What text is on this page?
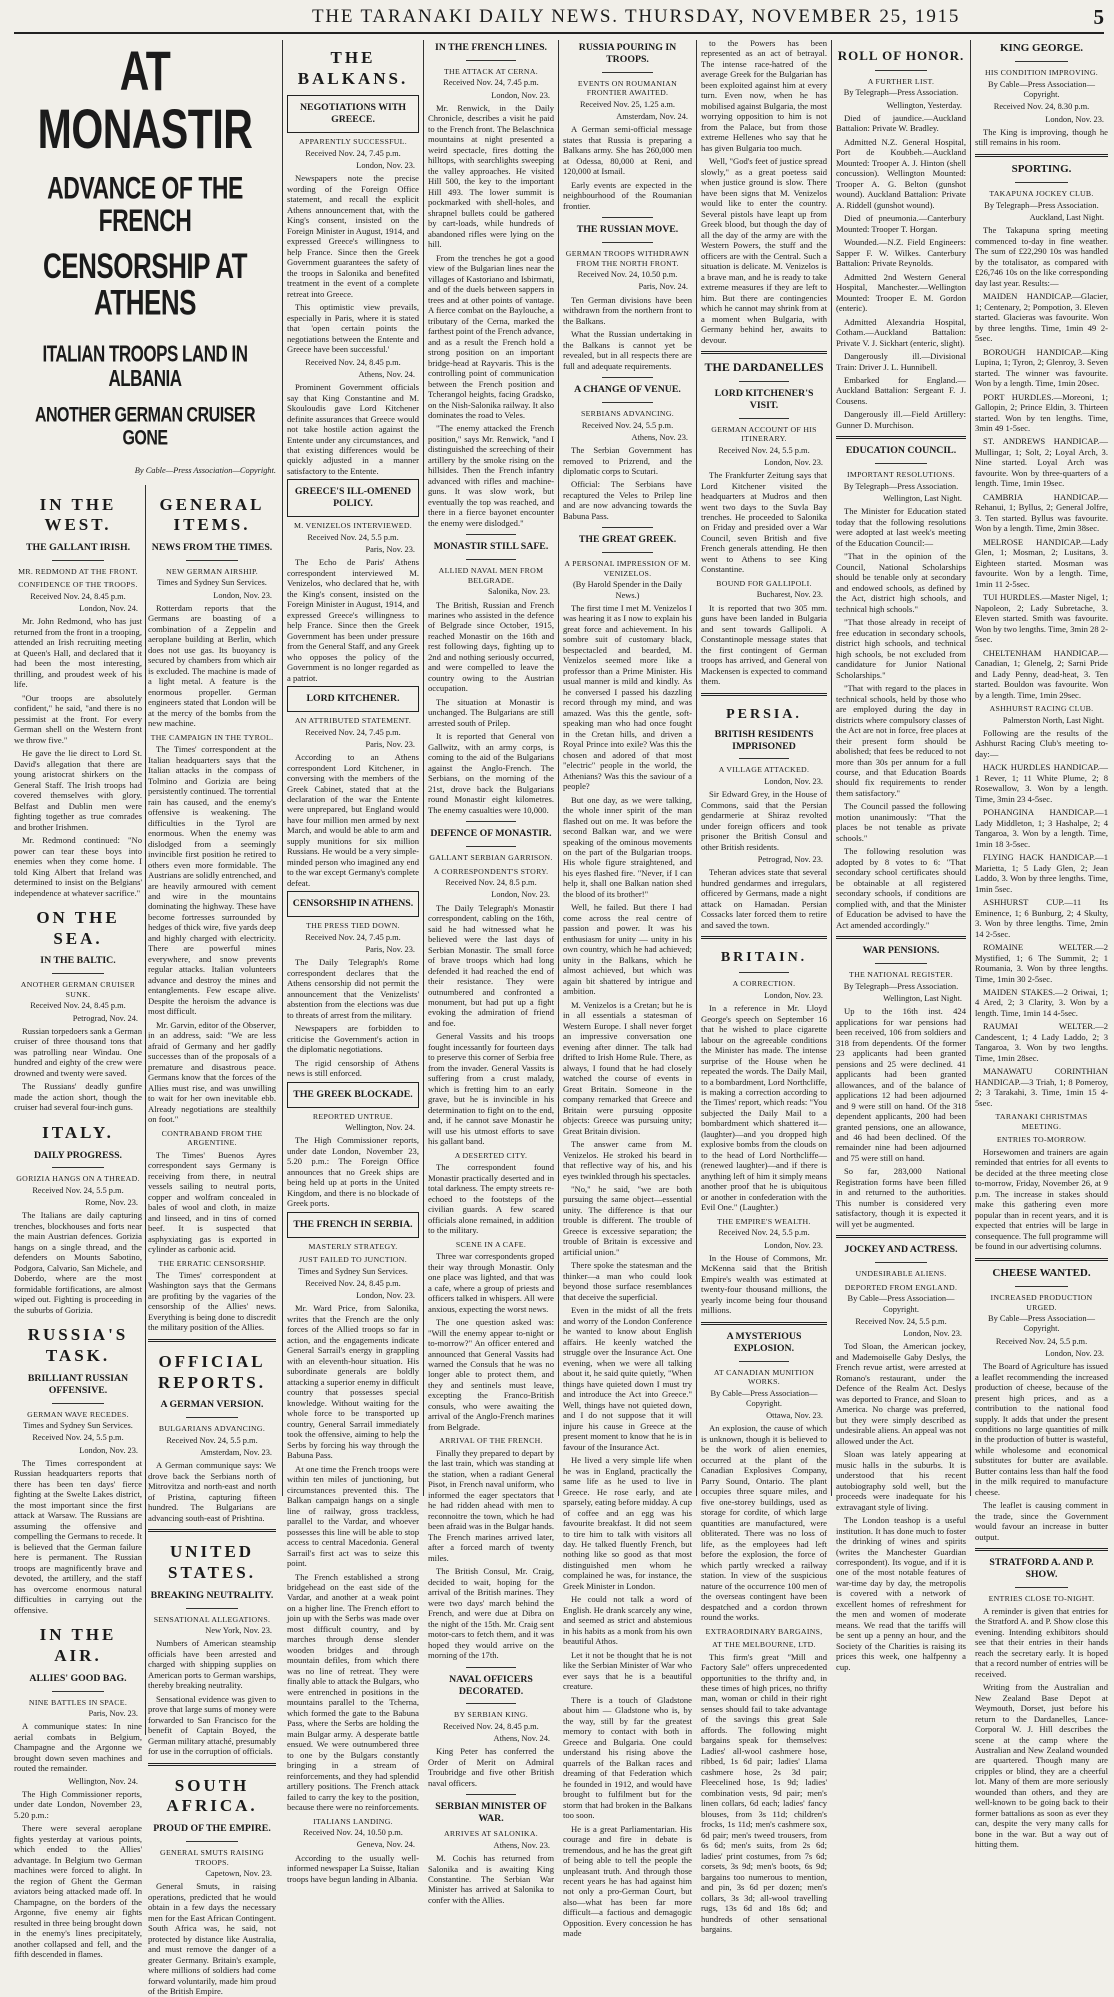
THE TARANAKI DAILY NEWS. THURSDAY, NOVEMBER 25, 1915	5
AT MONASTIR
ADVANCE OF THE FRENCH
CENSORSHIP AT ATHENS
ITALIAN TROOPS LAND IN ALBANIA
ANOTHER GERMAN CRUISER GONE
By Cable—Press Association—Copyright.
IN THE WEST.
THE GALLANT IRISH.
MR. REDMOND AT THE FRONT.
CONFIDENCE OF THE TROOPS.
Received Nov. 24, 8.45 p.m.
London, Nov. 24.

Mr. John Redmond, who has just returned from the front in a trooping, attended an Irish recruiting meeting at Queen's Hall, and declared that it had been the most interesting, thrilling, and proudest week of his life.

"Our troops are absolutely confident," he said, "and there is no pessimist at the front. For every German shell on the Western front we throw five."

He gave the lie direct to Lord St. David's allegation that there are young aristocrat shirkers on the General Staff. The Irish troops had covered themselves with glory. Belfast and Dublin men were fighting together as true comrades and brother Irishmen.

Mr. Redmond continued: "No power can tear these boys into enemies when they come home. I told King Albert that Ireland was determined to insist on the Belgians' independence at whatever sacrifice."

ON THE SEA.
IN THE BALTIC.
ANOTHER GERMAN CRUISER SUNK.
Received Nov. 24, 8.45 p.m.
Petrograd, Nov. 24.

Russian torpedoers sank a German cruiser of three thousand tons that was patrolling near Windau. One hundred and eighty of the crew were drowned and twenty were saved.

The Russians' deadly gunfire made the action short, though the cruiser had several four-inch guns.

ITALY.
DAILY PROGRESS.
GORIZIA HANGS ON A THREAD.
Received Nov. 24, 5.5 p.m.
Rome, Nov. 23.

The Italians are daily capturing trenches, blockhouses and forts near the main Austrian defences. Gorizia hangs on a single thread, and the defenders on Mounts Sabotino, Podgora, Calvario, San Michele, and Doberdo, where are the most formidable fortifications, are almost wiped out. Fighting is proceeding in the suburbs of Gorizia.

RUSSIA'S TASK.
BRILLIANT RUSSIAN OFFENSIVE.
GERMAN WAVE RECEDES.
Times and Sydney Sun Services.
Received Nov. 24, 5.5 p.m.
London, Nov. 23.

The Times correspondent at Russian headquarters reports that there has been ten days' fierce fighting at the Swelte Lakes district, the most important since the first attack at Warsaw. The Russians are assuming the offensive and compelling the Germans to recede. It is believed that the German failure here is permanent. The Russian troops are magnificently brave and devoted, the artillery, and the staff has overcome enormous natural difficulties in carrying out the offensive.

IN THE AIR.
ALLIES' GOOD BAG.
NINE BATTLES IN SPACE.
Paris, Nov. 23.

A communique states: In nine aerial combats in Belgium, Champagne and the Argonne we brought down seven machines and routed the remainder.

Wellington, Nov. 24.

The High Commissioner reports, under date London, November 23, 5.20 p.m.:

There were several aeroplane fights yesterday at various points, which ended to the Allies' advantage. In Belgium two German machines were forced to alight. In the region of Ghent the German aviators being attacked made off. In Champagne, on the borders of the Argonne, five enemy air fights resulted in three being brought down in the enemy's lines precipitately, another collapsed and fell, and the fifth descended in flames.

GENERAL ITEMS.
NEWS FROM THE TIMES.
NEW GERMAN AIRSHIP.
Times and Sydney Sun Services.
London, Nov. 23.

Rotterdam reports that the Germans are boasting of a combination of a Zeppelin and aeroplane building at Berlin, which does not use gas. Its buoyancy is secured by chambers from which air is excluded. The machine is made of a light metal. A feature is the enormous propeller. German engineers stated that London will be at the mercy of the bombs from the new machine.

THE CAMPAIGN IN THE TYROL.

The Times' correspondent at the Italian headquarters says that the Italian attacks in the compass of Tolmino and Gorizia are being persistently continued. The torrential rain has caused, and the enemy's offensive is weakening. The difficulties in the Tyrol are enormous. When the enemy was dislodged from a seemingly invincible first position he retired to others even more formidable. The Austrians are solidly entrenched, and are heavily armoured with cement and wire in the mountains dominating the highway. These have become fortresses surrounded by hedges of thick wire, five yards deep and highly charged with electricity. There are powerful mines everywhere, and snow prevents regular attacks. Italian volunteers advance and destroy the mines and entanglements. Few escape alive. Despite the heroism the advance is most difficult.

Mr. Garvin, editor of the Observer, in an address, said: "We are less afraid of Germany and her gadfly successes than of the proposals of a premature and disastrous peace. Germans know that the forces of the Allies must rise, and was unwilling to wait for her own inevitable ebb. Already negotiations are stealthily on foot."

CONTRABAND FROM THE ARGENTINE.

The Times' Buenos Ayres correspondent says Germany is receiving from there, in neutral vessels sailing to neutral ports, copper and wolfram concealed in bales of wool and cloth, in maize and linseed, and in tins of corned beef. It is suspected that asphyxiating gas is exported in cylinder as carbonic acid.

THE ERRATIC CENSORSHIP.

The Times' correspondent at Washington says that the Germans are profiting by the vagaries of the censorship of the Allies' news. Everything is being done to discredit the military position of the Allies.

OFFICIAL REPORTS.
A GERMAN VERSION.
BULGARIANS ADVANCING.
Received Nov. 24, 5.5 p.m.
Amsterdam, Nov. 23.

A German communique says: We drove back the Serbians north of Mitrovitza and north-east and north of Pristina, capturing fifteen hundred. The Bulgarians are advancing south-east of Prishtina.

UNITED STATES.
BREAKING NEUTRALITY.
SENSATIONAL ALLEGATIONS.
New York, Nov. 23.

Numbers of American steamship officials have been arrested and charged with shipping supplies on American ports to German warships, thereby breaking neutrality.

Sensational evidence was given to prove that large sums of money were forwarded to San Francisco for the benefit of Captain Boyed, the German military attaché, presumably for use in the corruption of officials.

SOUTH AFRICA.
PROUD OF THE EMPIRE.
GENERAL SMUTS RAISING TROOPS.
Capetown, Nov. 23.

General Smuts, in raising operations, predicted that he would obtain in a few days the necessary men for the East African Contingent. South Africa was, he said, not protected by distance like Australia, and must remove the danger of a greater Germany. Britain's example, where millions of soldiers had come forward voluntarily, made him proud of the British Empire.

THE BALKANS.
NEGOTIATIONS WITH GREECE.
APPARENTLY SUCCESSFUL.
Received Nov. 24, 7.45 p.m.
London, Nov. 23.

Newspapers note the precise wording of the Foreign Office statement, and recall the explicit Athens announcement that, with the King's consent, insisted on the Foreign Minister in August, 1914, and expressed Greece's willingness to help France. Since then the Greek Government guarantees the safety of the troops in Salonika and benefited treatment in the event of a complete retreat into Greece.

This optimistic view prevails, especially in Paris, where it is stated that 'open certain points the negotiations between the Entente and Greece have been successful.'

Received Nov. 24, 8.45 p.m.
Athens, Nov. 24.

Prominent Government officials say that King Constantine and M. Skouloudis gave Lord Kitchener definite assurances that Greece would not take hostile action against the Entente under any circumstances, and that existing differences would be quickly adjusted in a manner satisfactory to the Entente.

GREECE'S ILL-OMENED POLICY.
M. VENIZELOS INTERVIEWED.
Received Nov. 24, 5.5 p.m.
Paris, Nov. 23.

The Echo de Paris' Athens correspondent interviewed M. Venizelos, who declared that he, with the King's consent, insisted on the Foreign Minister in August, 1914, and expressed Greece's willingness to help France. Since then the Greek Government has been under pressure from the General Staff, and any Greek who opposes the policy of the Government is no longer regarded as a patriot.

LORD KITCHENER.
AN ATTRIBUTED STATEMENT.
Received Nov. 24, 7.45 p.m.
Paris, Nov. 23.

According to an Athens correspondent Lord Kitchener, in conversing with the members of the Greek Cabinet, stated that at the declaration of the war the Entente were unprepared, but England would have four million men armed by next March, and would be able to arm and supply munitions for six million Russians. He would be a very simple-minded person who imagined any end to the war except Germany's complete defeat.

CENSORSHIP IN ATHENS.
THE PRESS TIED DOWN.
Received Nov. 24, 7.45 p.m.
Paris, Nov. 23.

The Daily Telegraph's Rome correspondent declares that the Athens censorship did not permit the announcement that the Venizelists' abstention from the elections was due to threats of arrest from the military.

Newspapers are forbidden to criticise the Government's action in the diplomatic negotiations.

The rigid censorship of Athens news is still enforced.

THE GREEK BLOCKADE.
REPORTED UNTRUE.
Wellington, Nov. 24.

The High Commissioner reports, under date London, November 23, 5.20 p.m.: The Foreign Office announces that no Greek ships are being held up at ports in the United Kingdom, and there is no blockade of Greek ports.

THE FRENCH IN SERBIA.
MASTERLY STRATEGY.
JUST FAILED TO JUNCTION.
Times and Sydney Sun Services.
Received Nov. 24, 8.45 p.m.
London, Nov. 23.

Mr. Ward Price, from Salonika, writes that the French are the only forces of the Allied troops so far in action, and the engagements indicate General Sarrail's energy in grappling with an eleventh-hour situation. His subordinate generals are boldly attacking a superior enemy in difficult country that possesses special knowledge. Without waiting for the whole force to be transported up country, General Sarrail immediately took the offensive, aiming to help the Serbs by forcing his way through the Babuna Pass.

At one time the French troops were within ten miles of junctioning, but circumstances prevented this. The Balkan campaign hangs on a single line of railway, gross trackless, parallel to the Vardar, and whoever possesses this line will be able to stop access to central Macedonia. General Sarrail's first act was to seize this point.

The French established a strong bridgehead on the east side of the Vardar, and another at a weak point on a higher line. The French effort to join up with the Serbs was made over most difficult country, and by marches through dense slender wooden bridges and through mountain defiles, from which there was no line of retreat. They were finally able to attack the Bulgars, who were entrenched in positions in the mountains parallel to the Tcherna, which formed the gate to the Babuna Pass, where the Serbs are holding the main Bulgar army. A desperate battle ensued. We were outnumbered three to one by the Bulgars constantly bringing in a stream of reinforcements, and they had splendid artillery positions. The French attack failed to carry the key to the position, because there were no reinforcements.

ITALIANS LANDING.
Received Nov. 24, 10.50 p.m.
Geneva, Nov. 24.

According to the usually well-informed newspaper La Suisse, Italian troops have begun landing in Albania.

IN THE FRENCH LINES.
THE ATTACK AT CERNA.
Received Nov. 24, 7.45 p.m.
London, Nov. 23.

Mr. Renwick, in the Daily Chronicle, describes a visit he paid to the French front. The Belaschnica mountains at night presented a weird spectacle, fires dotting the hilltops, with searchlights sweeping the valley approaches. He visited Hill 500, the key to the important Hill 493. The lower summit is pockmarked with shell-holes, and shrapnel bullets could be gathered by cart-loads, while hundreds of abandoned rifles were lying on the hill.

From the trenches he got a good view of the Bulgarian lines near the villages of Kastoriano and Isbirmati, and of the duels between sappers in trees and at other points of vantage. A fierce combat on the Baylouche, a tributary of the Cerna, marked the farthest point of the French advance, and as a result the French hold a strong position on an important bridge-head at Rayvaris. This is the controlling point of communication between the French position and Tcherangol heights, facing Gradsko, on the Nish-Salonika railway. It also dominates the road to Veles.

"The enemy attacked the French position," says Mr. Renwick, "and I distinguished the screeching of their artillery by the smoke rising on the hillsides. Then the French infantry advanced with rifles and machine-guns. It was slow work, but eventually the top was reached, and there in a fierce bayonet encounter the enemy were dislodged."

MONASTIR STILL SAFE.
ALLIED NAVAL MEN FROM BELGRADE.
Salonika, Nov. 23.

The British, Russian and French marines who assisted in the defence of Belgrade since October, 1915, reached Monastir on the 16th and rest following days, fighting up to 2nd and nothing seriously occurred, and were compelled to leave the country owing to the Austrian occupation.

The situation at Monastir is unchanged. The Bulgarians are still arrested south of Prilep.

It is reported that General von Gallwitz, with an army corps, is coming to the aid of the Bulgarians against the Anglo-French. The Serbians, on the morning of the 21st, drove back the Bulgarians round Monastir eight kilometres. The enemy casualties were 10,000.

DEFENCE OF MONASTIR.
GALLANT SERBIAN GARRISON.
A CORRESPONDENT'S STORY.
Received Nov. 24, 8.5 p.m.
London, Nov. 23.

The Daily Telegraph's Monastir correspondent, cabling on the 16th, said he had witnessed what he believed were the last days of Serbian Monastir. The small force of brave troops which had long defended it had reached the end of their resistance. They were outnumbered and confronted a monument, but had put up a fight evoking the admiration of friend and foe.

General Vassits and his troops fought incessantly for fourteen days to preserve this corner of Serbia free from the invader. General Vassits is suffering from a crust malady, which is fretting him to an early grave, but he is invincible in his determination to fight on to the end, and, if he cannot save Monastir he will use his utmost efforts to save his gallant band.

A DESERTED CITY.

The correspondent found Monastir practically deserted and in total darkness. The empty streets re-echoed to the footsteps of the civilian guards. A few scared officials alone remained, in addition to the military.

SCENE IN A CAFE.

Three war correspondents groped their way through Monastir. Only one place was lighted, and that was a cafe, where a group of priests and officers talked in whispers. All were anxious, expecting the worst news.

The one question asked was: "Will the enemy appear to-night or to-morrow?" An officer entered and announced that General Vassits had warned the Consuls that he was no longer able to protect them, and they and sentinels must leave, excepting the Franco-British consuls, who were awaiting the arrival of the Anglo-French marines from Belgrade.

ARRIVAL OF THE FRENCH.

Finally they prepared to depart by the last train, which was standing at the station, when a radiant General Pisot, in French naval uniform, who informed the eager spectators that he had ridden ahead with men to reconnoitre the town, which he had been afraid was in the Bulgar hands. The French marines arrived later, after a forced march of twenty miles.

The British Consul, Mr. Craig, decided to wait, hoping for the arrival of the British marines. They were two days' march behind the French, and were due at Dibra on the night of the 15th. Mr. Craig sent motor-cars to fetch them, and it was hoped they would arrive on the morning of the 17th.

NAVAL OFFICERS DECORATED.
BY SERBIAN KING.
Received Nov. 24, 8.45 p.m.
Athens, Nov. 24.

King Peter has conferred the Order of Merit on Admiral Troubridge and five other British naval officers.

SERBIAN MINISTER OF WAR.
ARRIVES AT SALONIKA.
Athens, Nov. 23.

M. Cochis has returned from Salonika and is awaiting King Constantine. The Serbian War Minister has arrived at Salonika to confer with the Allies.

RUSSIA POURING IN TROOPS.
EVENTS ON ROUMANIAN FRONTIER AWAITED.
Received Nov. 25, 1.25 a.m.
Amsterdam, Nov. 24.

A German semi-official message states that Russia is preparing a Balkans army. She has 260,000 men at Odessa, 80,000 at Reni, and 120,000 at Ismail.

Early events are expected in the neighbourhood of the Roumanian frontier.

THE RUSSIAN MOVE.
GERMAN TROOPS WITHDRAWN FROM THE NORTH FRONT.
Received Nov. 24, 10.50 p.m.
Paris, Nov. 24.

Ten German divisions have been withdrawn from the northern front to the Balkans.

What the Russian undertaking in the Balkans is cannot yet be revealed, but in all respects there are full and adequate requirements.

A CHANGE OF VENUE.
SERBIANS ADVANCING.
Received Nov. 24, 5.5 p.m.
Athens, Nov. 23.

The Serbian Government has removed to Prizrend, and the diplomatic corps to Scutari.

Official: The Serbians have recaptured the Veles to Prilep line and are now advancing towards the Babuna Pass.

THE GREAT GREEK.
A PERSONAL IMPRESSION OF M. VENIZELOS.
(By Harold Spender in the Daily News.)

The first time I met M. Venizelos I was hearing it as I now to explain his great force and achievement. In his sombre suit of customary black, bespectacled and bearded, M. Venizelos seemed more like a professor than a Prime Minister. His usual manner is mild and kindly. As he conversed I passed his dazzling record through my mind, and was amazed. Was this the gentle, soft-speaking man who had once fought in the Cretan hills, and driven a Royal Prince into exile? Was this the chosen and adored of that most "electric" people in the world, the Athenians? Was this the saviour of a people?

But one day, as we were talking, the whole inner spirit of the man flashed out on me. It was before the second Balkan war, and we were speaking of the ominous movements on the part of the Bulgarian troops. His whole figure straightened, and his eyes flashed fire. "Never, if I can help it, shall one Balkan nation shed the blood of its brother!"

Well, he failed. But there I had come across the real centre of passion and power. It was his enthusiasm for unity — unity in his own country, which he had achieved; unity in the Balkans, which he almost achieved, but which was again bit shattered by intrigue and ambition.

M. Venizelos is a Cretan; but he is in all essentials a statesman of Western Europe. I shall never forget an impressive conversation one evening after dinner. The talk had drifted to Irish Home Rule. There, as always, I found that he had closely watched the course of events in Great Britain. Someone in the company remarked that Greece and Britain were pursuing opposite objects: Greece was pursuing unity; Great Britain division.

The answer came from M. Venizelos. He stroked his beard in that reflective way of his, and his eyes twinkled through his spectacles.

"No," he said, "we are both pursuing the same object—essential unity. The difference is that our trouble is different. The trouble of Greece is excessive separation; the trouble of Britain is excessive and artificial union."

There spoke the statesman and the thinker—a man who could look beyond those surface resemblances that deceive the superficial.

Even in the midst of all the frets and worry of the London Conference he wanted to know about English affairs. He keenly watched the struggle over the Insurance Act. One evening, when we were all talking about it, he said quite quietly, "When things have quieted down I must try and introduce the Act into Greece." Well, things have not quieted down, and I do not suppose that it will injure his cause in Greece at the present moment to know that he is in favour of the Insurance Act.

He lived a very simple life when he was in England, practically the same life as he used to live in Greece. He rose early, and ate sparsely, eating before midday. A cup of coffee and an egg was his favourite breakfast. It did not seem to tire him to talk with visitors all day. He talked fluently French, but nothing like so good as that most distinguished men whom he complained he was, for instance, the Greek Minister in London.

He could not talk a word of English. He drank scarcely any wine, and seemed as strict and abstemious in his habits as a monk from his own beautiful Athos.

Let it not be thought that he is not like the Serbian Minister of War who ever says that he is a beautiful creature.

There is a touch of Gladstone about him — Gladstone who is, by the way, still by far the greatest memory to contact with both in Greece and Bulgaria. One could understand his rising above the quarrels of the Balkan races and dreaming of that Federation which he founded in 1912, and would have brought to fulfilment but for the storm that had broken in the Balkans too soon.

He is a great Parliamentarian. His courage and fire in debate is tremendous, and he has the great gift of being able to tell the people the unpleasant truth. And through those recent years he has had against him not only a pro-German Court, but also—what has been far more difficult—a factious and demagogic Opposition. Every concession he has made

to the Powers has been represented as an act of betrayal. The intense race-hatred of the average Greek for the Bulgarian has been exploited against him at every turn. Even now, when he has mobilised against Bulgaria, the most worrying opposition to him is not from the Palace, but from those extreme Hellenes who say that he has given Bulgaria too much.

Well, "God's feet of justice spread slowly," as a great poetess said when justice ground is slow. There have been signs that M. Venizelos would like to enter the country. Several pistols have leapt up from Greek blood, but though the day of all the day of the army are with the Western Powers, the stuff and the officers are with the Central. Such a situation is delicate. M. Venizelos is a brave man, and he is ready to take extreme measures if they are left to him. But there are contingencies which he cannot may shrink from at a moment when Bulgaria, with Germany behind her, awaits to devour.

THE DARDANELLES
LORD KITCHENER'S VISIT.
GERMAN ACCOUNT OF HIS ITINERARY.
Received Nov. 24, 5.5 p.m.
London, Nov. 23.

The Frankfurter Zeitung says that Lord Kitchener visited the headquarters at Mudros and then went two days to the Suvla Bay trenches. He proceeded to Salonika on Friday and presided over a War Council, seven British and five French generals attending. He then went to Athens to see King Constantine.

BOUND FOR GALLIPOLI.
Bucharest, Nov. 23.

It is reported that two 305 mm. guns have been landed in Bulgaria and sent towards Gallipoli. A Constantinople message states that the first contingent of German troops has arrived, and General von Mackensen is expected to command them.

PERSIA.
BRITISH RESIDENTS IMPRISONED
A VILLAGE ATTACKED.
London, Nov. 23.

Sir Edward Grey, in the House of Commons, said that the Persian gendarmerie at Shiraz revolted under foreign officers and took prisoner the British Consul and other British residents.

Petrograd, Nov. 23.

Teheran advices state that several hundred gendarmes and irregulars, officered by Germans, made a night attack on Hamadan. Persian Cossacks later forced them to retire and saved the town.

BRITAIN.
A CORRECTION.
London, Nov. 23.

In a reference in Mr. Lloyd George's speech on September 16 that he wished to place cigarette labour on the agreeable conditions the Minister has made. The intense surprise of the House when he repeated the words. The Daily Mail, to a bombardment, Lord Northcliffe, is making a correction according to the Times' report, which reads: "You subjected the Daily Mail to a bombardment which shattered it—(laughter)—and you dropped high explosive bombs from the clouds on to the head of Lord Northcliffe—(renewed laughter)—and if there is anything left of him it simply means another proof that he is ubiquitous or another in confederation with the Evil One." (Laughter.)

THE EMPIRE'S WEALTH.
Received Nov. 24, 5.5 p.m.
London, Nov. 23.

In the House of Commons, Mr. McKenna said that the British Empire's wealth was estimated at twenty-four thousand millions, the yearly income being four thousand millions.

A MYSTERIOUS EXPLOSION.
AT CANADIAN MUNITION WORKS.
By Cable—Press Association—Copyright.
Ottawa, Nov. 23.

An explosion, the cause of which is unknown, though it is believed to be the work of alien enemies, occurred at the plant of the Canadian Explosives Company, Parry Sound, Ontario. The plant occupies three square miles, and five one-storey buildings, used as storage for cordite, of which large quantities are manufactured, were obliterated. There was no loss of life, as the employees had left before the explosion, the force of which partly wrecked a railway station. In view of the suspicious nature of the occurrence 100 men of the overseas contingent have been despatched and a cordon thrown round the works.

EXTRAORDINARY BARGAINS,
AT THE MELBOURNE, LTD.

This firm's great "Mill and Factory Sale" offers unprecedented opportunities to the thrifty and, in these times of high prices, no thrifty man, woman or child in their right senses should fail to take advantage of the savings this great Sale affords. The following might bargains speak for themselves: Ladies' all-wool cashmere hose, ribbed, 1s 6d pair; ladies' Llama cashmere hose, 2s 3d pair; Fleecelined hose, 1s 9d; ladies' combination vests, 9d pair; men's linen collars, 6d each; ladies' fancy blouses, from 3s 11d; children's frocks, 1s 11d; men's cashmere sox, 6d pair; men's tweed trousers, from 6s 6d; men's suits, from 2s 6d; ladies' print costumes, from 7s 6d; corsets, 3s 9d; men's boots, 6s 9d; bargains too numerous to mention, and pin, 3s 6d per dozen; men's collars, 3s 3d; all-wool travelling rugs, 13s 6d and 18s 6d; and hundreds of other sensational bargains.

ROLL OF HONOR.
A FURTHER LIST.
By Telegraph—Press Association.
Wellington, Yesterday.

Died of jaundice.—Auckland Battalion: Private W. Bradley.

Admitted N.Z. General Hospital, Port de Koubbeh.—Auckland Mounted: Trooper A. J. Hinton (shell concussion). Wellington Mounted: Trooper A. G. Belton (gunshot wound). Auckland Battalion: Private A. Riddell (gunshot wound).

Died of pneumonia.—Canterbury Mounted: Trooper T. Horgan.

Wounded.—N.Z. Field Engineers: Sapper F. W. Wilkes. Canterbury Battalion: Private Reynolds.

Admitted 2nd Western General Hospital, Manchester.—Wellington Mounted: Trooper E. M. Gordon (enteric).

Admitted Alexandria Hospital, Cotham.—Auckland Battalion: Private V. J. Sickhart (enteric, slight).

Dangerously ill.—Divisional Train: Driver J. L. Hunnibell.

Embarked for England.—Auckland Battalion: Sergeant F. J. Cousens.

Dangerously ill.—Field Artillery: Gunner D. Murchison.

EDUCATION COUNCIL.
IMPORTANT RESOLUTIONS.
By Telegraph—Press Association.
Wellington, Last Night.

The Minister for Education stated today that the following resolutions were adopted at last week's meeting of the Education Council:—

"That in the opinion of the Council, National Scholarships should be tenable only at secondary and endowed schools, as defined by the Act, district high schools, and technical high schools."

"That those already in receipt of free education in secondary schools, district high schools, and technical high schools, be not excluded from candidature for Junior National Scholarships."

"That with regard to the places in technical schools, held by those who are employed during the day in districts where compulsory classes of the Act are not in force, free places at their present form should be abolished; that fees be reduced to not more than 30s per annum for a full course, and that Education Boards should fix requirements to render them satisfactory."

The Council passed the following motion unanimously: "That the places be not tenable as private schools."

The following resolution was adopted by 8 votes to 6: "That secondary school certificates should be obtainable at all registered secondary schools, if conditions are complied with, and that the Minister of Education be advised to have the Act amended accordingly."

WAR PENSIONS.
THE NATIONAL REGISTER.
By Telegraph—Press Association.
Wellington, Last Night.

Up to the 16th inst. 424 applications for war pensions had been received, 106 from soldiers and 318 from dependents. Of the former 23 applicants had been granted pensions and 25 were declined. 41 applicants had been granted allowances, and of the balance of applications 12 had been adjourned and 9 were still on hand. Of the 318 dependent applicants, 200 had been granted pensions, one an allowance, and 46 had been declined. Of the remainder nine had been adjourned and 75 were still on hand.

So far, 283,000 National Registration forms have been filled in and returned to the authorities. This number is considered very satisfactory, though it is expected it will yet be augmented.

JOCKEY AND ACTRESS.
UNDESIRABLE ALIENS.
DEPORTED FROM ENGLAND.
By Cable—Press Association—Copyright.
Received Nov. 24, 5.5 p.m.
London, Nov. 23.

Tod Sloan, the American jockey, and Mademoiselle Gaby Deslys, the French revue artist, were arrested at Romano's restaurant, under the Defence of the Realm Act. Deslys was deported to France, and Sloan to America. No charge was preferred, but they were simply described as undesirable aliens. An appeal was not allowed under the Act.

Sloan was lately appearing at music halls in the suburbs. It is understood that his recent autobiography sold well, but the proceeds were inadequate for his extravagant style of living.

The London teashop is a useful institution. It has done much to foster the drinking of wines and spirits (writes the Manchester Guardian correspondent). Its vogue, and if it is one of the most notable features of war-time day by day, the metropolis is covered with a network of excellent homes of refreshment for the men and women of moderate means. We read that the tariffs will be sent up a penny an hour, and the Society of the Charities is raising its prices this week, one halfpenny a cup.

KING GEORGE.
HIS CONDITION IMPROVING.
By Cable—Press Association—Copyright.
Received Nov. 24, 8.30 p.m.
London, Nov. 23.

The King is improving, though he still remains in his room.

SPORTING.
TAKAPUNA JOCKEY CLUB.
By Telegraph—Press Association.
Auckland, Last Night.

The Takapuna spring meeting commenced to-day in fine weather. The sum of £22,290 10s was handled by the totalisator, as compared with £26,746 10s on the like corresponding day last year. Results:—

MAIDEN HANDICAP.—Glacier, 1; Centenary, 2; Pompotion, 3. Eleven started. Glacieras was favourite. Won by three lengths. Time, 1min 49 2-5sec.

BOROUGH HANDICAP.—King Lupina, 1; Tyron, 2; Glenroy, 3. Seven started. The winner was favourite. Won by a length. Time, 1min 20sec.

PORT HURDLES.—Moreoni, 1; Gallopin, 2; Prince Eldin, 3. Thirteen started. Won by ten lengths. Time, 3min 49 1-5sec.

ST. ANDREWS HANDICAP.—Mullingar, 1; Solt, 2; Loyal Arch, 3. Nine started. Loyal Arch was favourite. Won by three-quarters of a length. Time, 1min 19sec.

CAMBRIA HANDICAP.—Rehanui, 1; Byllus, 2; General Jolfre, 3. Ten started. Byllus was favourite. Won by a length. Time, 2min 38sec.

MELROSE HANDICAP.—Lady Glen, 1; Mosman, 2; Lusitans, 3. Eighteen started. Mosman was favourite. Won by a length. Time, 1min 11 2-5sec.

TUI HURDLES.—Master Nigel, 1; Napoleon, 2; Lady Subretache, 3. Eleven started. Smith was favourite. Won by two lengths. Time, 3min 28 2-5sec.

CHELTENHAM HANDICAP.—Canadian, 1; Glenelg, 2; Sarni Pride and Lady Penny, dead-heat, 3. Ten started. Bouldon was favourite. Won by a length. Time, 1min 29sec.

ASHHURST RACING CLUB.
Palmerston North, Last Night.

Following are the results of the Ashhurst Racing Club's meeting to-day:—

HACK HURDLES HANDICAP.—1 Rever, 1; 11 White Plume, 2; 8 Rosewallow, 3. Won by a length. Time, 3min 23 4-5sec.

POHANGINA HANDICAP.—1 Lady Middleton, 1; 3 Hashalpe, 2; 4 Tangaroa, 3. Won by a length. Time, 1min 18 3-5sec.

FLYING HACK HANDICAP.—1 Marietta, 1; 5 Lady Glen, 2; Jean Laddo, 3. Won by three lengths. Time, 1min 5sec.

ASHHURST CUP.—11 Its Eminence, 1; 6 Bunburg, 2; 4 Skulty, 3. Won by three lengths. Time, 2min 14 2-5sec.

ROMAINE WELTER.—2 Mystified, 1; 6 The Summit, 2; 1 Roumania, 3. Won by three lengths. Time, 1min 30 2-5sec.

MAIDEN STAKES.—2 Oriwai, 1; 4 Ared, 2; 3 Clarity, 3. Won by a length. Time, 1min 14 4-5sec.

RAUMAI WELTER.—2 Candescent, 1; 4 Lady Laddo, 2; 3 Tangaroa, 3. Won by two lengths. Time, 1min 28sec.

MANAWATU CORINTHIAN HANDICAP.—3 Triah, 1; 8 Pomeroy, 2; 3 Tarakahi, 3. Time, 1min 15 4-5sec.

TARANAKI CHRISTMAS MEETING.
ENTRIES TO-MORROW.

Horsewomen and trainers are again reminded that entries for all events to be decided at the three meeting close to-morrow, Friday, November 26, at 9 p.m. The increase in stakes should make this gathering even more popular than in recent years, and it is expected that entries will be large in consequence. The full programme will be found in our advertising columns.

CHEESE WANTED.
INCREASED PRODUCTION URGED.
By Cable—Press Association—Copyright.
Received Nov. 24, 5.5 p.m.
London, Nov. 23.

The Board of Agriculture has issued a leaflet recommending the increased production of cheese, because of the present high prices, and as a contribution to the national food supply. It adds that under the present conditions no large quantities of milk in the production of butter is wasteful, while wholesome and economical substitutes for butter are available. Butter contains less than half the food in the milk required to manufacture cheese.

The leaflet is causing comment in the trade, since the Government would favour an increase in butter output.

STRATFORD A. AND P. SHOW.
ENTRIES CLOSE TO-NIGHT.

A reminder is given that entries for the Stratford A. and P. Show close this evening. Intending exhibitors should see that their entries in their hands reach the secretary early. It is hoped that a record number of entries will be received.

Writing from the Australian and New Zealand Base Depot at Weymouth, Dorset, just before his return to the Dardanelles, Lance-Corporal W. J. Hill describes the scene at the camp where the Australian and New Zealand wounded are quartered. Though many are cripples or blind, they are a cheerful lot. Many of them are more seriously wounded than others, and they are well-known to be going back to their former battalions as soon as ever they can, despite the very many calls for bone in the war. But a way out of hitting them.
